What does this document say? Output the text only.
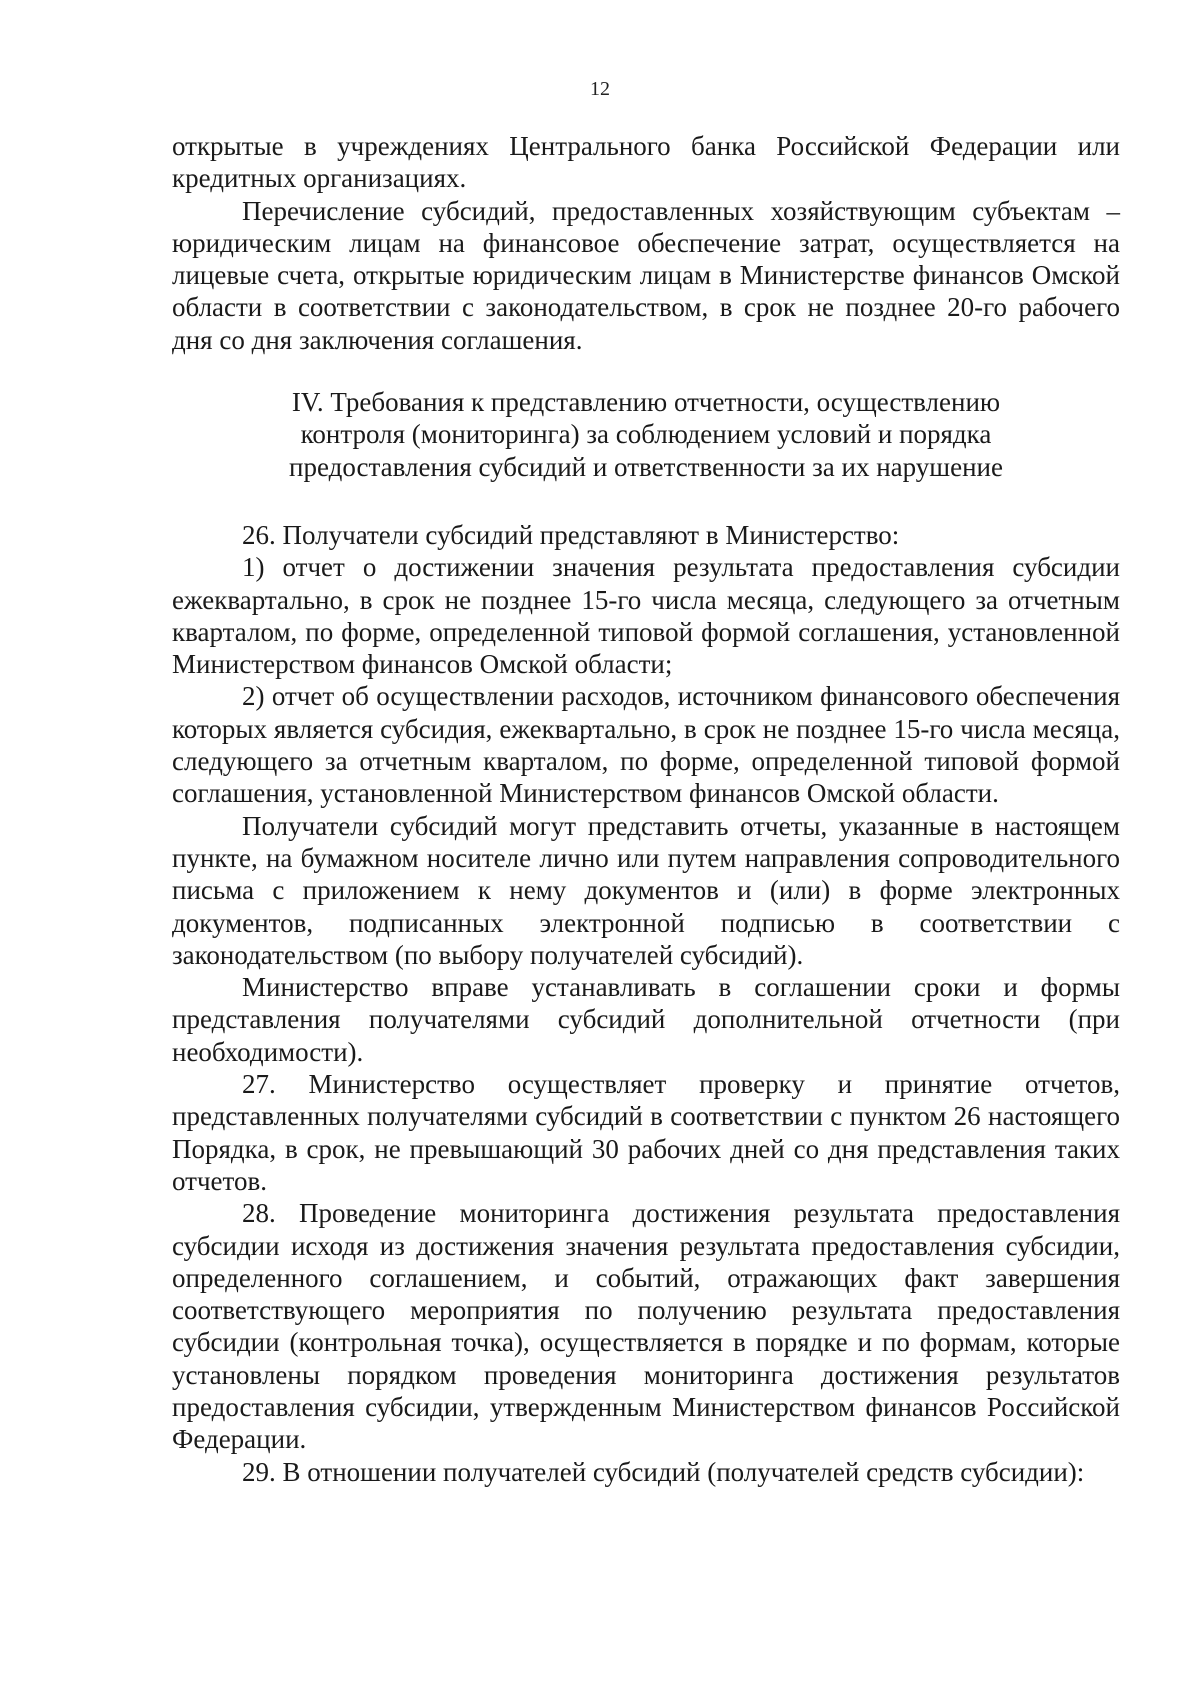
12

открытые в учреждениях Центрального банка Российской Федерации или кредитных организациях.

Перечисление субсидий, предоставленных хозяйствующим субъектам – юридическим лицам на финансовое обеспечение затрат, осуществляется на лицевые счета, открытые юридическим лицам в Министерстве финансов Омской области в соответствии с законодательством, в срок не позднее 20-го рабочего дня со дня заключения соглашения.

IV. Требования к представлению отчетности, осуществлению контроля (мониторинга) за соблюдением условий и порядка предоставления субсидий и ответственности за их нарушение

26. Получатели субсидий представляют в Министерство:

1) отчет о достижении значения результата предоставления субсидии ежеквартально, в срок не позднее 15-го числа месяца, следующего за отчетным кварталом, по форме, определенной типовой формой соглашения, установленной Министерством финансов Омской области;

2) отчет об осуществлении расходов, источником финансового обеспечения которых является субсидия, ежеквартально, в срок не позднее 15-го числа месяца, следующего за отчетным кварталом, по форме, определенной типовой формой соглашения, установленной Министерством финансов Омской области.

Получатели субсидий могут представить отчеты, указанные в настоящем пункте, на бумажном носителе лично или путем направления сопроводительного письма с приложением к нему документов и (или) в форме электронных документов, подписанных электронной подписью в соответствии с законодательством (по выбору получателей субсидий).

Министерство вправе устанавливать в соглашении сроки и формы представления получателями субсидий дополнительной отчетности (при необходимости).

27. Министерство осуществляет проверку и принятие отчетов, представленных получателями субсидий в соответствии с пунктом 26 настоящего Порядка, в срок, не превышающий 30 рабочих дней со дня представления таких отчетов.

28. Проведение мониторинга достижения результата предоставления субсидии исходя из достижения значения результата предоставления субсидии, определенного соглашением, и событий, отражающих факт завершения соответствующего мероприятия по получению результата предоставления субсидии (контрольная точка), осуществляется в порядке и по формам, которые установлены порядком проведения мониторинга достижения результатов предоставления субсидии, утвержденным Министерством финансов Российской Федерации.

29. В отношении получателей субсидий (получателей средств субсидии):
